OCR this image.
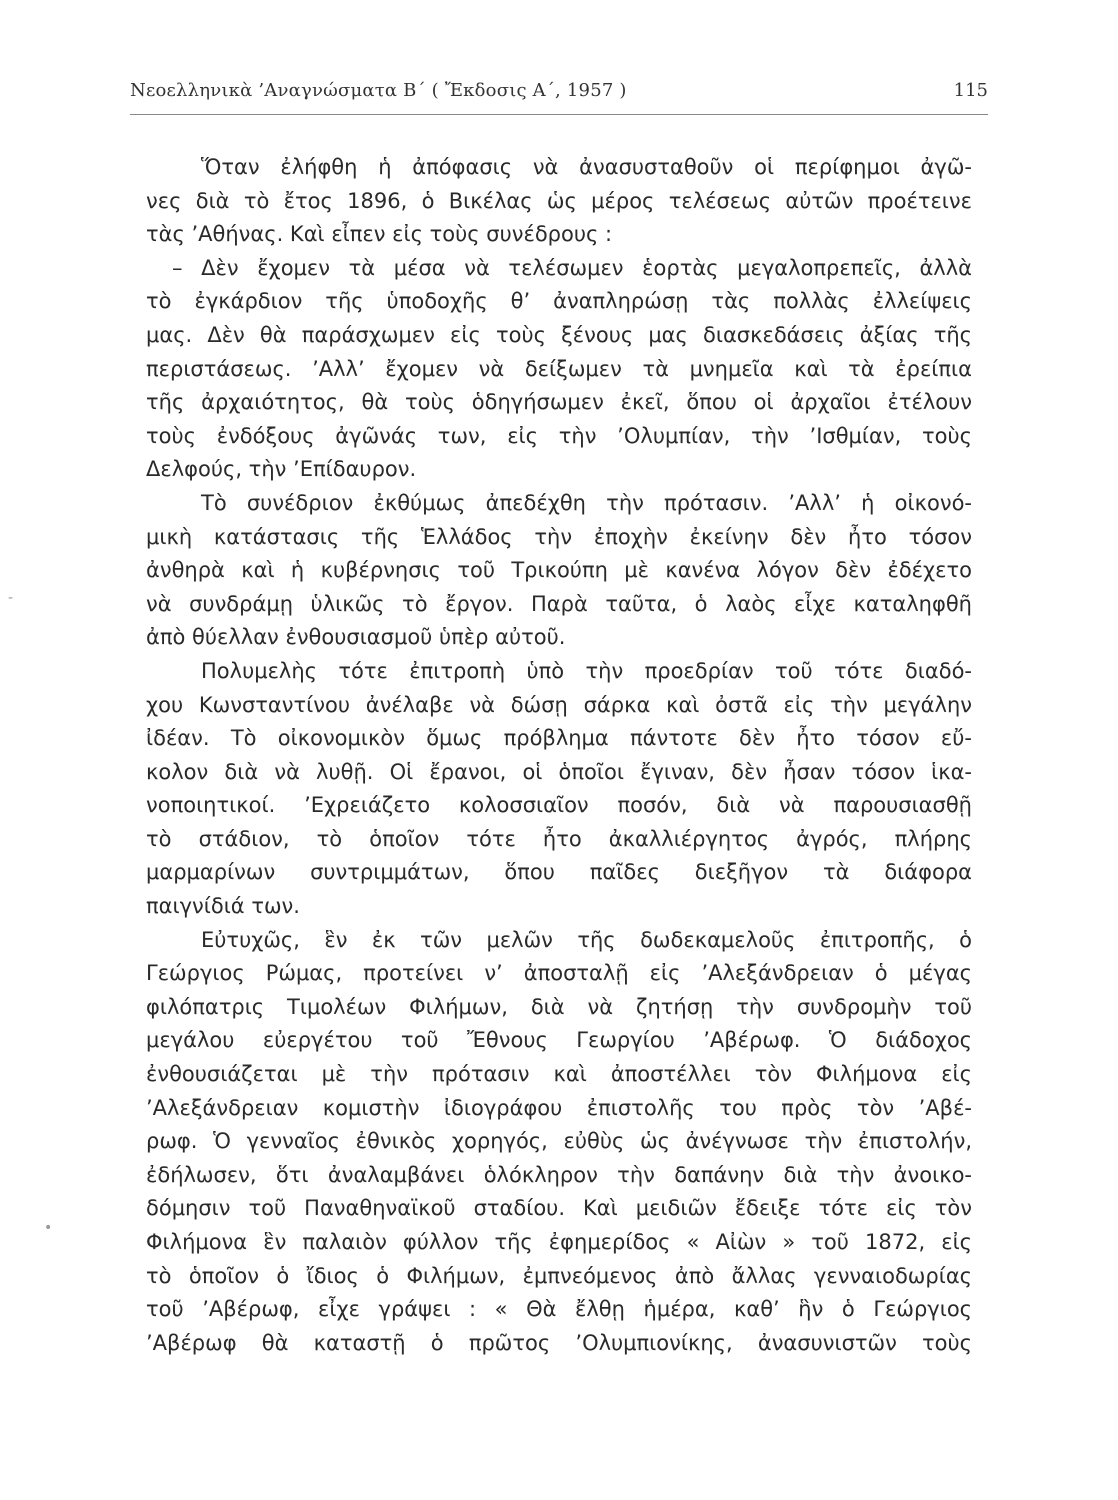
Νεοελληνικὰ ’Αναγνώσματα Β΄ ( Ἔκδοσις Α΄, 1957 )	115
Ὅταν ἐλήφθη ἡ ἀπόφασις νὰ ἀνασυσταθοῦν οἱ περίφημοι ἀγῶ-
νες διὰ τὸ ἔτος 1896, ὁ Βικέλας ὡς μέρος τελέσεως αὐτῶν προέτεινε
τὰς ’Αθήνας. Καὶ εἶπεν εἰς τοὺς συνέδρους :
– Δὲν ἔχομεν τὰ μέσα νὰ τελέσωμεν ἑορτὰς μεγαλοπρεπεῖς, ἀλλὰ
τὸ ἐγκάρδιον τῆς ὑποδοχῆς θ’ ἀναπληρώσῃ τὰς πολλὰς ἐλλείψεις
μας. Δὲν θὰ παράσχωμεν εἰς τοὺς ξένους μας διασκεδάσεις ἀξίας τῆς
περιστάσεως. ’Αλλ’ ἔχομεν νὰ δείξωμεν τὰ μνημεῖα καὶ τὰ ἐρείπια
τῆς ἀρχαιότητος, θὰ τοὺς ὁδηγήσωμεν ἐκεῖ, ὅπου οἱ ἀρχαῖοι ἐτέλουν
τοὺς ἐνδόξους ἀγῶνάς των, εἰς τὴν ’Ολυμπίαν, τὴν ’Ισθμίαν, τοὺς
Δελφούς, τὴν ’Επίδαυρον.
Τὸ συνέδριον ἐκθύμως ἀπεδέχθη τὴν πρότασιν. ’Αλλ’ ἡ οἰκονό-
μικὴ κατάστασις τῆς Ἑλλάδος τὴν ἐποχὴν ἐκείνην δὲν ἦτο τόσον
ἀνθηρὰ καὶ ἡ κυβέρνησις τοῦ Τρικούπη μὲ κανένα λόγον δὲν ἐδέχετο
νὰ συνδράμῃ ὑλικῶς τὸ ἔργον. Παρὰ ταῦτα, ὁ λαὸς εἶχε καταληφθῆ
ἀπὸ θύελλαν ἐνθουσιασμοῦ ὑπὲρ αὐτοῦ.
Πολυμελὴς τότε ἐπιτροπὴ ὑπὸ τὴν προεδρίαν τοῦ τότε διαδό-
χου Κωνσταντίνου ἀνέλαβε νὰ δώσῃ σάρκα καὶ ὀστᾶ εἰς τὴν μεγάλην
ἰδέαν. Τὸ οἰκονομικὸν ὅμως πρόβλημα πάντοτε δὲν ἦτο τόσον εὔ-
κολον διὰ νὰ λυθῇ. Οἱ ἔρανοι, οἱ ὁποῖοι ἔγιναν, δὲν ἦσαν τόσον ἱκα-
νοποιητικοί. ’Εχρειάζετο κολοσσιαῖον ποσόν, διὰ νὰ παρουσιασθῇ
τὸ στάδιον, τὸ ὁποῖον τότε ἦτο ἀκαλλιέργητος ἀγρός, πλήρης
μαρμαρίνων συντριμμάτων, ὅπου παῖδες διεξῆγον τὰ διάφορα
παιγνίδιά των.
Εὐτυχῶς, ἓν ἐκ τῶν μελῶν τῆς δωδεκαμελοῦς ἐπιτροπῆς, ὁ
Γεώργιος Ρώμας, προτείνει ν’ ἀποσταλῇ εἰς ’Αλεξάνδρειαν ὁ μέγας
φιλόπατρις Τιμολέων Φιλήμων, διὰ νὰ ζητήσῃ τὴν συνδρομὴν τοῦ
μεγάλου εὐεργέτου τοῦ Ἔθνους Γεωργίου ’Αβέρωφ. Ὁ διάδοχος
ἐνθουσιάζεται μὲ τὴν πρότασιν καὶ ἀποστέλλει τὸν Φιλήμονα εἰς
’Αλεξάνδρειαν κομιστὴν ἰδιογράφου ἐπιστολῆς του πρὸς τὸν ’Αβέ-
ρωφ. Ὁ γενναῖος ἐθνικὸς χορηγός, εὐθὺς ὡς ἀνέγνωσε τὴν ἐπιστολήν,
ἐδήλωσεν, ὅτι ἀναλαμβάνει ὁλόκληρον τὴν δαπάνην διὰ τὴν ἀνοικο-
δόμησιν τοῦ Παναθηναϊκοῦ σταδίου. Καὶ μειδιῶν ἔδειξε τότε εἰς τὸν
Φιλήμονα ἓν παλαιὸν φύλλον τῆς ἐφημερίδος « Αἰὼν » τοῦ 1872, εἰς
τὸ ὁποῖον ὁ ἴδιος ὁ Φιλήμων, ἐμπνεόμενος ἀπὸ ἄλλας γενναιοδωρίας
τοῦ ’Αβέρωφ, εἶχε γράψει : « Θὰ ἔλθῃ ἡμέρα, καθ’ ἣν ὁ Γεώργιος
’Αβέρωφ θὰ καταστῇ ὁ πρῶτος ’Ολυμπιονίκης, ἀνασυνιστῶν τοὺς
-
•
